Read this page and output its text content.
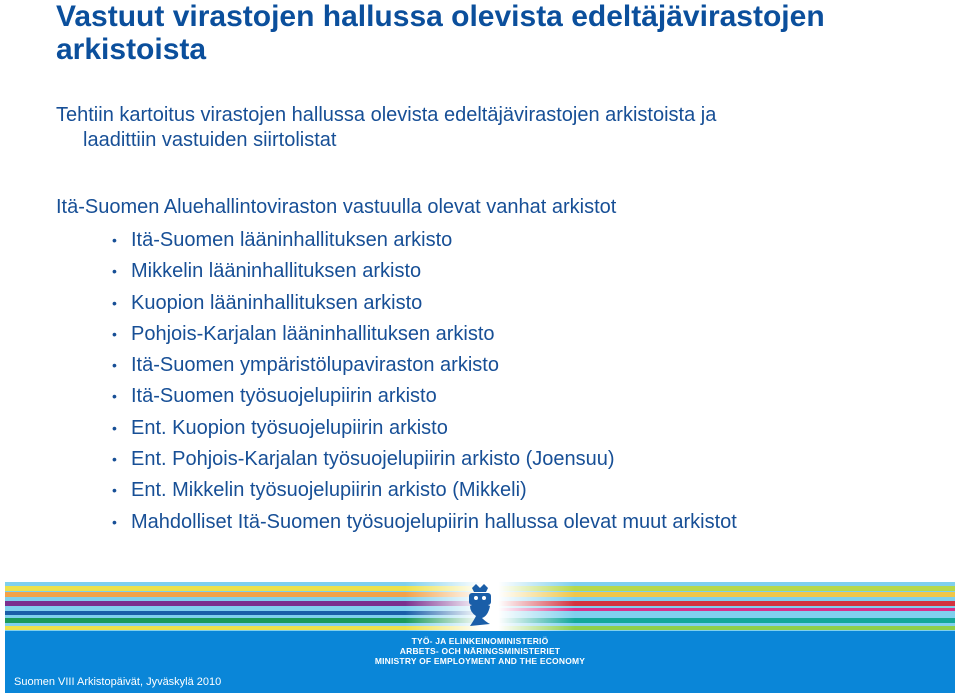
Vastuut virastojen hallussa olevista edeltäjävirastojen arkistoista
Tehtiin kartoitus virastojen hallussa olevista edeltäjävirastojen arkistoista ja
laadittiin vastuiden siirtolistat
Itä-Suomen Aluehallintoviraston vastuulla olevat vanhat arkistot
• Itä-Suomen lääninhallituksen arkisto
• Mikkelin lääninhallituksen arkisto
• Kuopion lääninhallituksen arkisto
• Pohjois-Karjalan lääninhallituksen arkisto
• Itä-Suomen ympäristölupaviraston arkisto
• Itä-Suomen työsuojelupiirin arkisto
• Ent. Kuopion työsuojelupiirin arkisto
• Ent. Pohjois-Karjalan työsuojelupiirin arkisto (Joensuu)
• Ent. Mikkelin työsuojelupiirin arkisto (Mikkeli)
• Mahdolliset Itä-Suomen työsuojelupiirin hallussa olevat muut arkistot
TYÖ- JA ELINKEINOMINISTERIÖ
ARBETS- OCH NÄRINGSMINISTERIET
MINISTRY OF EMPLOYMENT AND THE ECONOMY
Suomen VIII Arkistopäivät, Jyväskylä 2010
